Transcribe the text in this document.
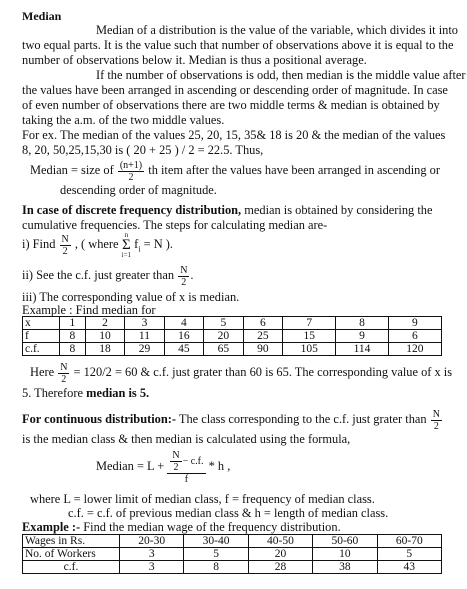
Median
Median of a distribution is the value of the variable, which divides it into
two equal parts. It is the value such that number of observations above it is equal to the
number of observations below it. Median is thus a positional average.
If the number of observations is odd, then median is the middle value after
the values have been arranged in ascending or descending order of magnitude. In case
of even number of observations there are two middle terms & median is obtained by
taking the a.m. of the two middle values.
For ex. The median of the values 25, 20, 15, 35& 18 is 20 & the median of the values
8, 20, 50,25,15,30 is ( 20 + 25 ) / 2 = 22.5. Thus,
Median = size of $\frac{(n+1)}{2}$ th item after the values have been arranged in ascending or
descending order of magnitude.
In case of discrete frequency distribution, median is obtained by considering the
cumulative frequencies. The steps for calculating median are-
i) Find $\frac{N}{2}$ , ( where n
Σ
i=1 $f_i = N$ ).
ii) See the c.f. just greater than $\frac{N}{2}$ .
iii) The corresponding value of x is median.
Example : Find median for
x	1	2	3	4	5	6	7	8	9
f	8	10	11	16	20	25	15	9	6
c.f.	8	18	29	45	65	90	105	114	120
Here $\frac{N}{2} = 120/2 = 60$ & c.f. just grater than 60 is 65. The corresponding value of x is
5. Therefore median is 5.
For continuous distribution:- The class corresponding to the c.f. just grater than $\frac{N}{2}$
is the median class & then median is calculated using the formula,
Median = $L + \frac{\frac{N}{2} - c.f.}{f} * h$ ,
where L = lower limit of median class, f = frequency of median class.
c.f. = c.f. of previous median class & h = length of median class.
Example :- Find the median wage of the frequency distribution.
Wages in Rs.	20-30	30-40	40-50	50-60	60-70
No. of Workers	3	5	20	10	5
c.f.	3	8	28	38	43
